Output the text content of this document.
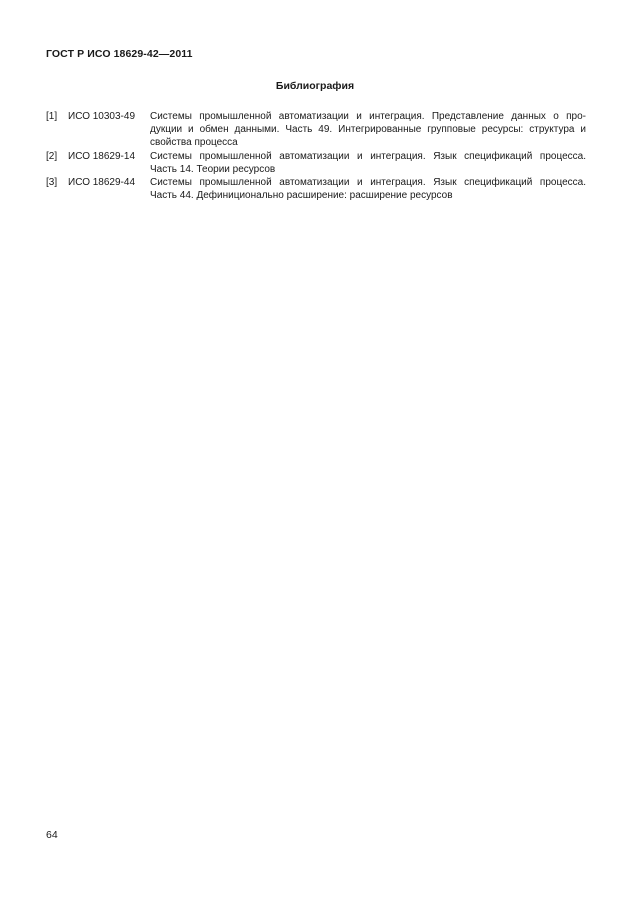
ГОСТ Р ИСО 18629-42—2011
Библиография
[1]	ИСО 10303-49	Системы промышленной автоматизации и интеграция. Представление данных о про-
дукции и обмен данными. Часть 49. Интегрированные групповые ресурсы: структура и
свойства процесса
[2]	ИСО 18629-14	Системы промышленной автоматизации и интеграция. Язык спецификаций процесса.
Часть 14. Теории ресурсов
[3]	ИСО 18629-44	Системы промышленной автоматизации и интеграция. Язык спецификаций процесса.
Часть 44. Дефиниционально расширение: расширение ресурсов
64
